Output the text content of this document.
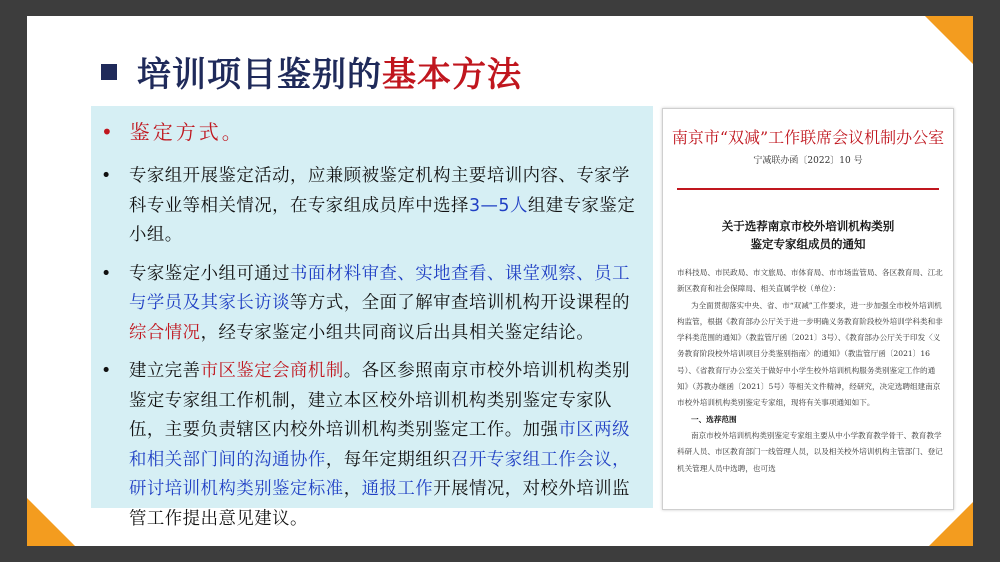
培训项目鉴别的基本方法
• 鉴定方式。
• 专家组开展鉴定活动，应兼顾被鉴定机构主要培训内容、专家学科专业等相关情况，在专家组成员库中选择3—5人组建专家鉴定小组。
• 专家鉴定小组可通过书面材料审查、实地查看、课堂观察、员工与学员及其家长访谈等方式，全面了解审查培训机构开设课程的综合情况，经专家鉴定小组共同商议后出具相关鉴定结论。
• 建立完善市区鉴定会商机制。各区参照南京市校外培训机构类别鉴定专家组工作机制，建立本区校外培训机构类别鉴定专家队伍，主要负责辖区内校外培训机构类别鉴定工作。加强市区两级和相关部门间的沟通协作，每年定期组织召开专家组工作会议，研讨培训机构类别鉴定标准，通报工作开展情况，对校外培训监管工作提出意见建议。
南京市“双减”工作联席会议机制办公室
宁减联办函〔2022〕10 号
关于选荐南京市校外培训机构类别
鉴定专家组成员的通知

市科技局、市民政局、市文旅局、市体育局、市市场监管局、各区教育局、江北新区教育和社会保障局、相关直属学校（单位）：

为全面贯彻落实中央、省、市“双减”工作要求，进一步加强全市校外培训机构监管，根据《教育部办公厅关于进一步明确义务教育阶段校外培训学科类和非学科类范围的通知》（教监管厅函〔2021〕3号）、《教育部办公厅关于印发〈义务教育阶段校外培训项目分类鉴别指南〉的通知》（教监管厅函〔2021〕16号）、《省教育厅办公室关于做好中小学生校外培训机构服务类别鉴定工作的通知》（苏教办继函〔2021〕5号）等相关文件精神，经研究，决定选聘组建南京市校外培训机构类别鉴定专家组，现将有关事项通知如下。

一、选荐范围

南京市校外培训机构类别鉴定专家组主要从中小学教育教学骨干、教育教学科研人员、市区教育部门一线管理人员，以及相关校外培训机构主管部门、登记机关管理人员中选聘，也可选
